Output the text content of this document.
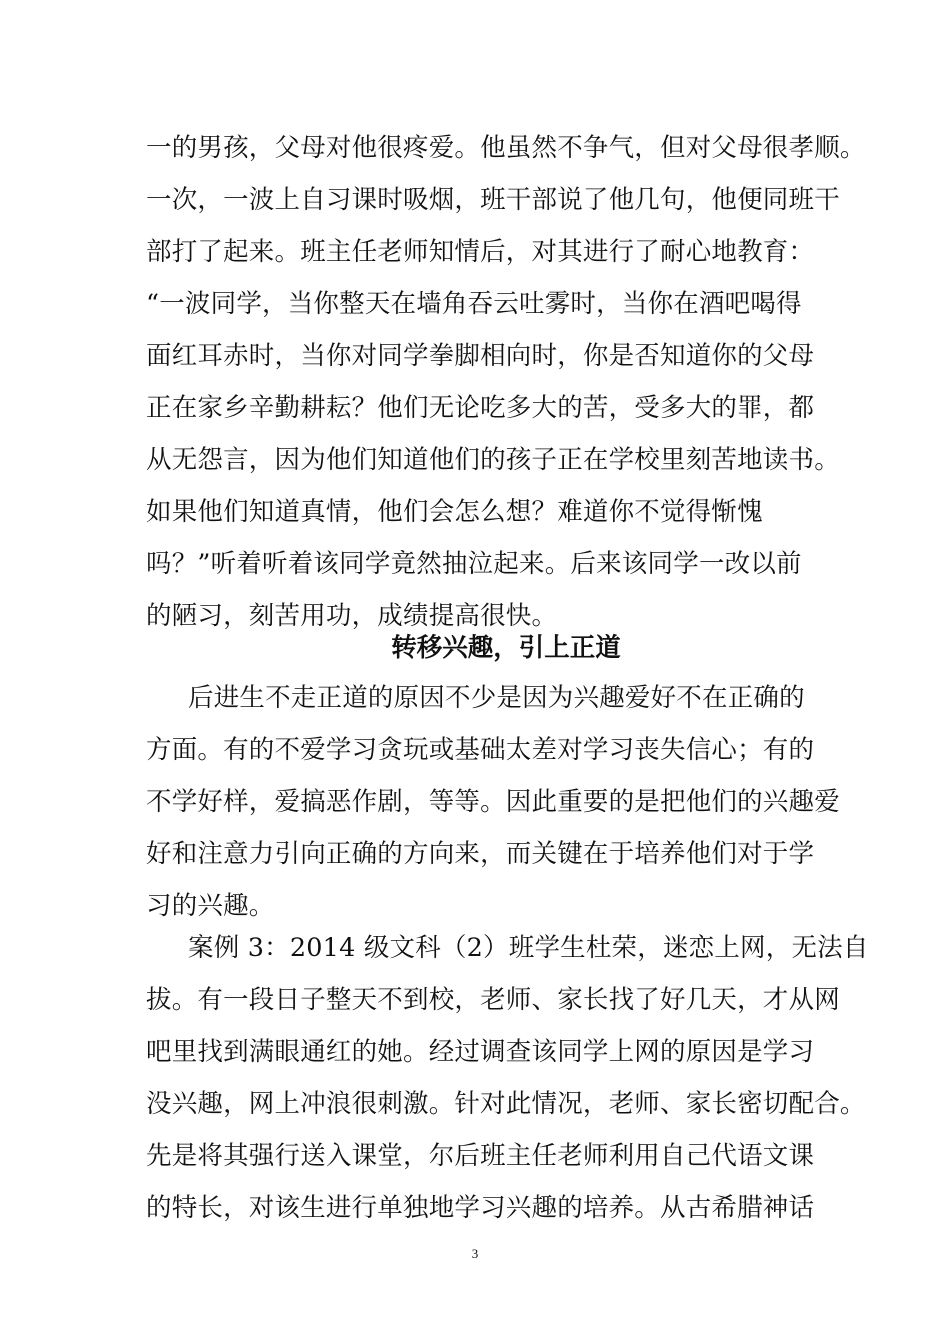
一的男孩，父母对他很疼爱。他虽然不争气，但对父母很孝顺。
一次，一波上自习课时吸烟，班干部说了他几句，他便同班干
部打了起来。班主任老师知情后，对其进行了耐心地教育：
“一波同学，当你整天在墙角吞云吐雾时，当你在酒吧喝得
面红耳赤时，当你对同学拳脚相向时，你是否知道你的父母
正在家乡辛勤耕耘？他们无论吃多大的苦，受多大的罪，都
从无怨言，因为他们知道他们的孩子正在学校里刻苦地读书。
如果他们知道真情，他们会怎么想？难道你不觉得惭愧
吗？”听着听着该同学竟然抽泣起来。后来该同学一改以前
的陋习，刻苦用功，成绩提高很快。
转移兴趣，引上正道
后进生不走正道的原因不少是因为兴趣爱好不在正确的
方面。有的不爱学习贪玩或基础太差对学习丧失信心；有的
不学好样，爱搞恶作剧，等等。因此重要的是把他们的兴趣爱
好和注意力引向正确的方向来，而关键在于培养他们对于学
习的兴趣。
案例 3：2014 级文科（2）班学生杜荣，迷恋上网，无法自
拔。有一段日子整天不到校，老师、家长找了好几天，才从网
吧里找到满眼通红的她。经过调查该同学上网的原因是学习
没兴趣，网上冲浪很刺激。针对此情况，老师、家长密切配合。
先是将其强行送入课堂，尔后班主任老师利用自己代语文课
的特长，对该生进行单独地学习兴趣的培养。从古希腊神话
3
